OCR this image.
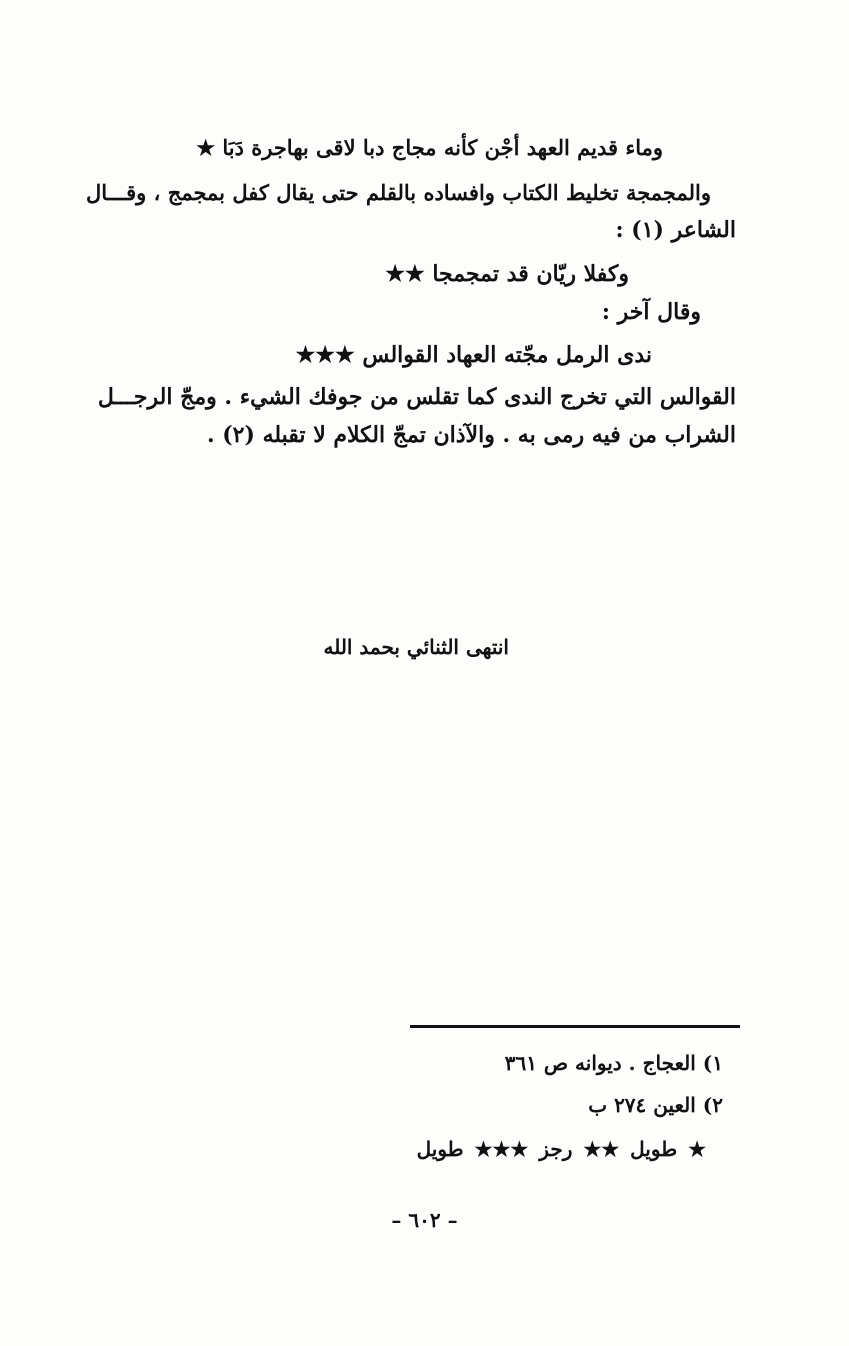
وماء قديم العهد أجْن كأنه مجاج دبا لاقى بهاجرة دَبَا ★
والمجمجة تخليط الكتاب وافساده بالقلم حتى يقال كفل بمجمج ، وقـــال
الشاعر (١) :
وكفلا ريّان قد تمجمجا ★★
وقال آخر :
ندى الرمل مجّته العهاد القوالس ★★★
القوالس التي تخرج الندى كما تقلس من جوفك الشيء . ومجّ الرجـــل
الشراب من فيه رمى به . والآذان تمجّ الكلام لا تقبله (٢) .
انتهى الثنائي بحمد الله
١) العجاج . ديوانه ص ٣٦١
٢) العين ٢٧٤ ب
★ طويل ★★ رجز ★★★ طويل
– ٦٠٢ –
